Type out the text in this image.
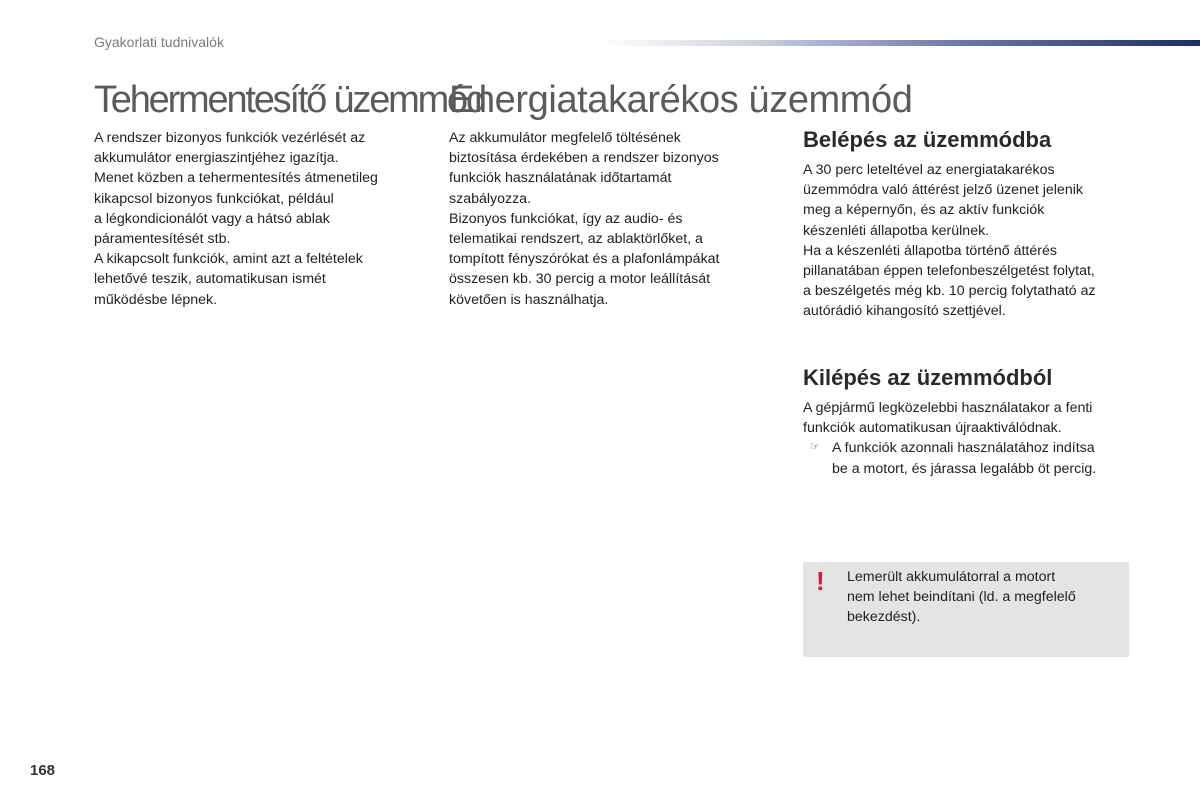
Gyakorlati tudnivalók
Tehermentesítő üzemmód
Energiatakarékos üzemmód

A rendszer bizonyos funkciók vezérlését az

akkumulátor energiaszintjéhez igazítja.

Menet közben a tehermentesítés átmenetileg

kikapcsol bizonyos funkciókat, például

a légkondicionálót vagy a hátsó ablak

páramentesítését stb.

A kikapcsolt funkciók, amint azt a feltételek

lehetővé teszik, automatikusan ismét

működésbe lépnek.

Az akkumulátor megfelelő töltésének

biztosítása érdekében a rendszer bizonyos

funkciók használatának időtartamát

szabályozza.

Bizonyos funkciókat, így az audio- és

telematikai rendszert, az ablaktörlőket, a

tompított fényszórókat és a plafonlámpákat

összesen kb. 30 percig a motor leállítását

követően is használhatja.

Belépés az üzemmódba

A 30 perc leteltével az energiatakarékos

üzemmódra való áttérést jelző üzenet jelenik

meg a képernyőn, és az aktív funkciók

készenléti állapotba kerülnek.

Ha a készenléti állapotba történő áttérés

pillanatában éppen telefonbeszélgetést folytat,

a beszélgetés még kb. 10 percig folytatható az

autórádió kihangosító szettjével.

Kilépés az üzemmódból

A gépjármű legközelebbi használatakor a fenti

funkciók automatikusan újraaktiválódnak.

☞ A funkciók azonnali használatához indítsa

be a motort, és járassa legalább öt percig.

! Lemerült akkumulátorral a motort

nem lehet beindítani (ld. a megfelelő

bekezdést).

168
